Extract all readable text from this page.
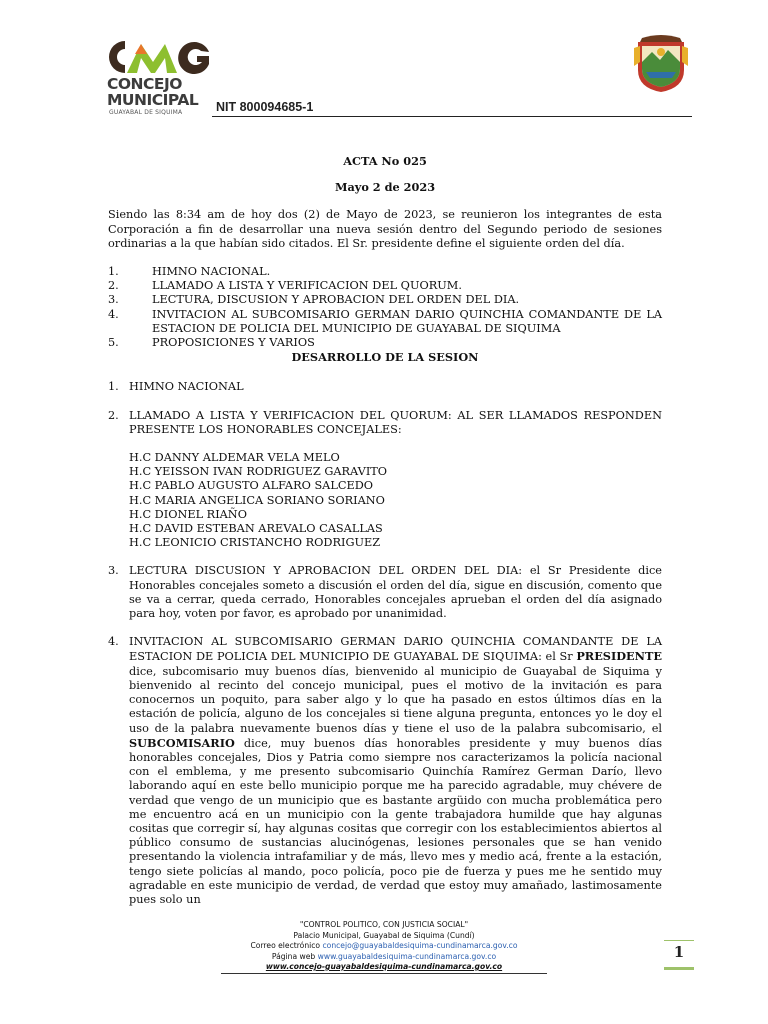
CONCEJO
MUNICIPAL
GUAYABAL DE SIQUIMA	NIT 800094685-1
ACTA No 025
Mayo 2 de 2023

Siendo las 8:34 am de hoy dos (2) de Mayo de 2023, se reunieron los integrantes de esta Corporación a fin de desarrollar una nueva sesión dentro del Segundo periodo de sesiones ordinarias a la que habían sido citados. El Sr. presidente define el siguiente orden del día.

1.	HIMNO NACIONAL.
2.	LLAMADO A LISTA Y VERIFICACION DEL QUORUM.
3.	LECTURA, DISCUSION Y APROBACION DEL ORDEN DEL DIA.
4.	INVITACION AL SUBCOMISARIO GERMAN DARIO QUINCHIA COMANDANTE DE LA ESTACION DE POLICIA DEL MUNICIPIO DE GUAYABAL DE SIQUIMA
5.	PROPOSICIONES Y VARIOS
DESARROLLO DE LA SESION
1. HIMNO NACIONAL
2. LLAMADO A LISTA Y VERIFICACION DEL QUORUM: AL SER LLAMADOS RESPONDEN PRESENTE LOS HONORABLES CONCEJALES:
H.C DANNY ALDEMAR VELA MELO
H.C YEISSON IVAN RODRIGUEZ GARAVITO
H.C PABLO AUGUSTO ALFARO SALCEDO
H.C MARIA ANGELICA SORIANO SORIANO
H.C DIONEL RIAÑO
H.C DAVID ESTEBAN AREVALO CASALLAS
H.C LEONICIO CRISTANCHO RODRIGUEZ
3. LECTURA DISCUSION Y APROBACION DEL ORDEN DEL DIA: el Sr Presidente dice Honorables concejales someto a discusión el orden del día, sigue en discusión, comento que se va a cerrar, queda cerrado, Honorables concejales aprueban el orden del día asignado para hoy, voten por favor, es aprobado por unanimidad.
4. INVITACION AL SUBCOMISARIO GERMAN DARIO QUINCHIA COMANDANTE DE LA ESTACION DE POLICIA DEL MUNICIPIO DE GUAYABAL DE SIQUIMA: el Sr PRESIDENTE dice, subcomisario muy buenos días, bienvenido al municipio de Guayabal de Siquima y bienvenido al recinto del concejo municipal, pues el motivo de la invitación es para conocernos un poquito, para saber algo y lo que ha pasado en estos últimos días en la estación de policía, alguno de los concejales si tiene alguna pregunta, entonces yo le doy el uso de la palabra nuevamente buenos días y tiene el uso de la palabra subcomisario, el SUBCOMISARIO dice, muy buenos días honorables presidente y muy buenos días honorables concejales, Dios y Patria como siempre nos caracterizamos la policía nacional con el emblema, y me presento subcomisario Quinchía Ramírez German Darío, llevo laborando aquí en este bello municipio porque me ha parecido agradable, muy chévere de verdad que vengo de un municipio que es bastante argüido con mucha problemática pero me encuentro acá en un municipio con la gente trabajadora humilde que hay algunas cositas que corregir sí, hay algunas cositas que corregir con los establecimientos abiertos al público consumo de sustancias alucinógenas, lesiones personales que se han venido presentando la violencia intrafamiliar y de más, llevo mes y medio acá, frente a la estación, tengo siete policías al mando, poco policía, poco pie de fuerza y pues me he sentido muy agradable en este municipio de verdad, de verdad que estoy muy amañado, lastimosamente pues solo un
"CONTROL POLITICO, CON JUSTICIA SOCIAL"
Palacio Municipal, Guayabal de Siquima (Cundí)
Correo electrónico concejo@guayabaldesiquima-cundinamarca.gov.co
Página web www.guayabaldesiquima-cundinamarca.gov.co
www.concejo-guayabaldesiquima-cundinamarca.gov.co
1
